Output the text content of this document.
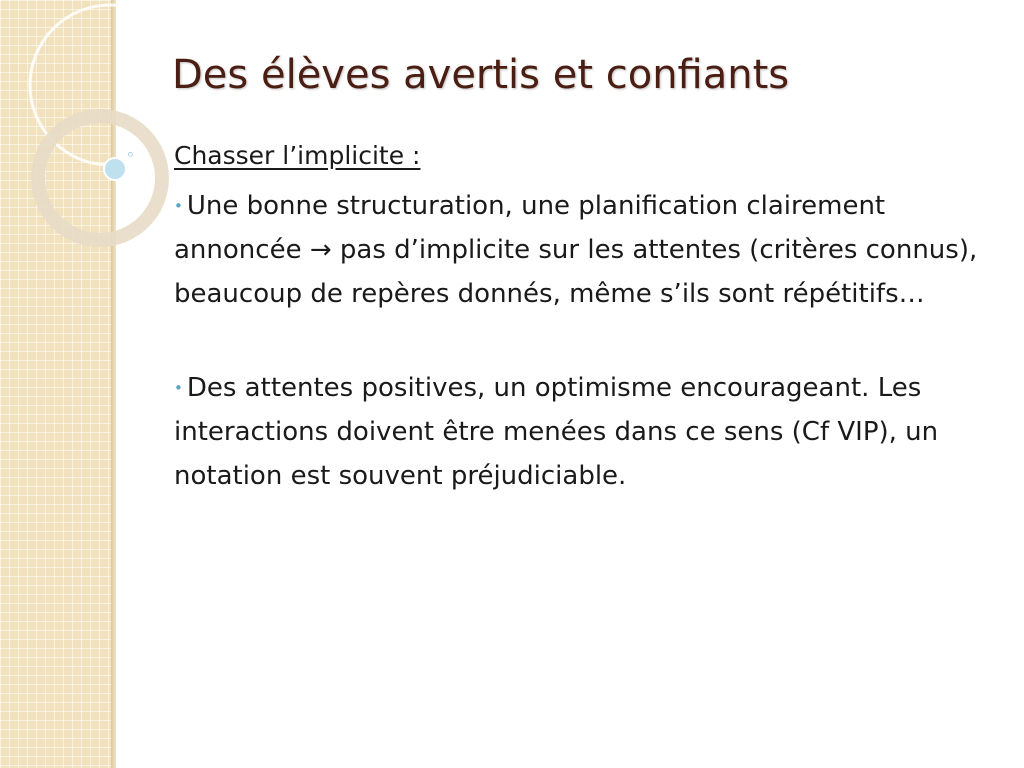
◦
Des élèves avertis et confiants

Chasser l’implicite :

• Une bonne structuration, une planification clairement annoncée → pas d’implicite sur les attentes (critères connus), beaucoup de repères donnés, même s’ils sont répétitifs…

• Des attentes positives, un optimisme encourageant. Les interactions doivent être menées dans ce sens (Cf VIP), un notation est souvent préjudiciable.
